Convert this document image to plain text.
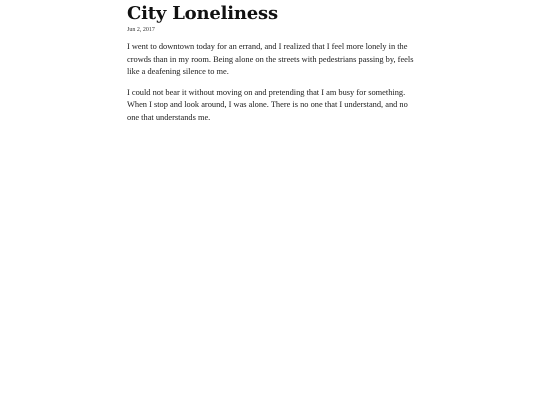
City Loneliness
Jun 2, 2017

I went to downtown today for an errand, and I realized that I feel more lonely in the crowds than in my room. Being alone on the streets with pedestrians passing by, feels like a deafening silence to me.

I could not bear it without moving on and pretending that I am busy for something. When I stop and look around, I was alone. There is no one that I understand, and no one that understands me.
